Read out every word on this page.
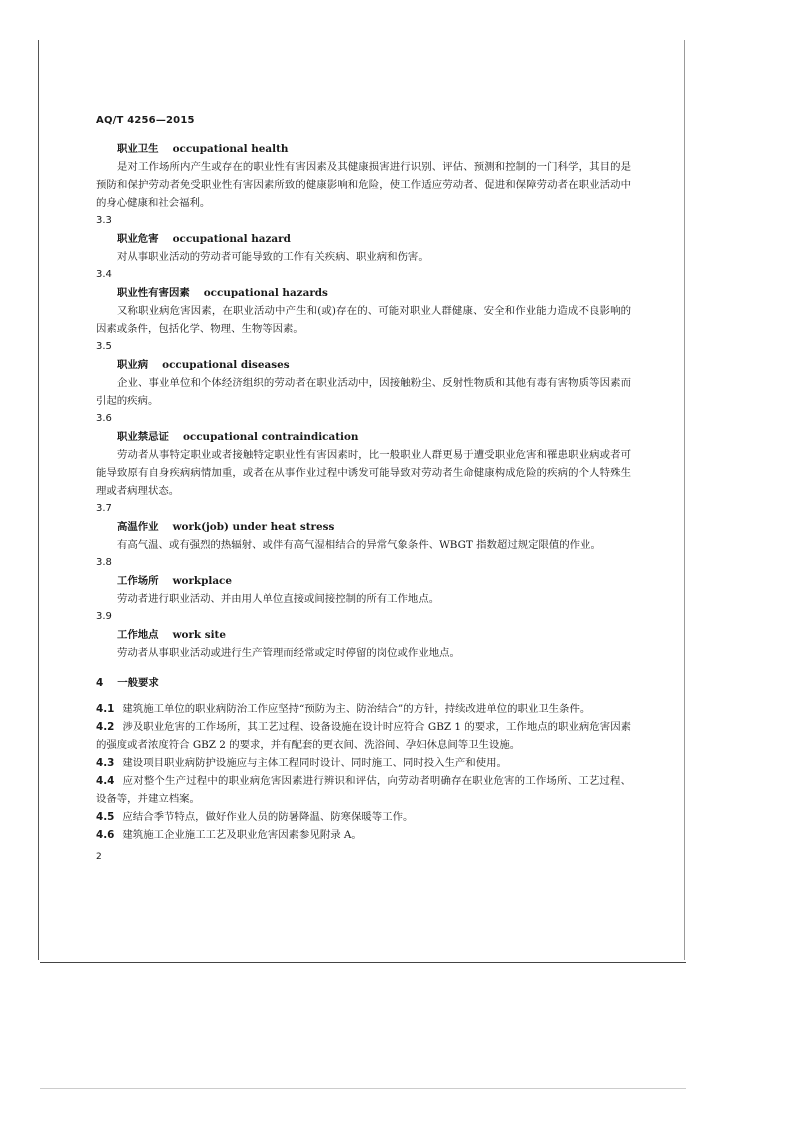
AQ/T 4256—2015
职业卫生 occupational health
是对工作场所内产生或存在的职业性有害因素及其健康损害进行识别、评估、预测和控制的一门科学，其目的是预防和保护劳动者免受职业性有害因素所致的健康影响和危险，使工作适应劳动者、促进和保障劳动者在职业活动中的身心健康和社会福利。
3.3
职业危害 occupational hazard
对从事职业活动的劳动者可能导致的工作有关疾病、职业病和伤害。
3.4
职业性有害因素 occupational hazards
又称职业病危害因素，在职业活动中产生和(或)存在的、可能对职业人群健康、安全和作业能力造成不良影响的因素或条件，包括化学、物理、生物等因素。
3.5
职业病 occupational diseases
企业、事业单位和个体经济组织的劳动者在职业活动中，因接触粉尘、反射性物质和其他有毒有害物质等因素而引起的疾病。
3.6
职业禁忌证 occupational contraindication
劳动者从事特定职业或者接触特定职业性有害因素时，比一般职业人群更易于遭受职业危害和罹患职业病或者可能导致原有自身疾病病情加重，或者在从事作业过程中诱发可能导致对劳动者生命健康构成危险的疾病的个人特殊生理或者病理状态。
3.7
高温作业 work(job) under heat stress
有高气温、或有强烈的热辐射、或伴有高气湿相结合的异常气象条件、WBGT 指数超过规定限值的作业。
3.8
工作场所 workplace
劳动者进行职业活动、并由用人单位直接或间接控制的所有工作地点。
3.9
工作地点 work site
劳动者从事职业活动或进行生产管理而经常或定时停留的岗位或作业地点。
4 一般要求
4.1 建筑施工单位的职业病防治工作应坚持“预防为主、防治结合”的方针，持续改进单位的职业卫生条件。
4.2 涉及职业危害的工作场所，其工艺过程、设备设施在设计时应符合 GBZ 1 的要求，工作地点的职业病危害因素的强度或者浓度符合 GBZ 2 的要求，并有配套的更衣间、洗浴间、孕妇休息间等卫生设施。
4.3 建设项目职业病防护设施应与主体工程同时设计、同时施工、同时投入生产和使用。
4.4 应对整个生产过程中的职业病危害因素进行辨识和评估，向劳动者明确存在职业危害的工作场所、工艺过程、设备等，并建立档案。
4.5 应结合季节特点，做好作业人员的防暑降温、防寒保暖等工作。
4.6 建筑施工企业施工工艺及职业危害因素参见附录 A。
2
